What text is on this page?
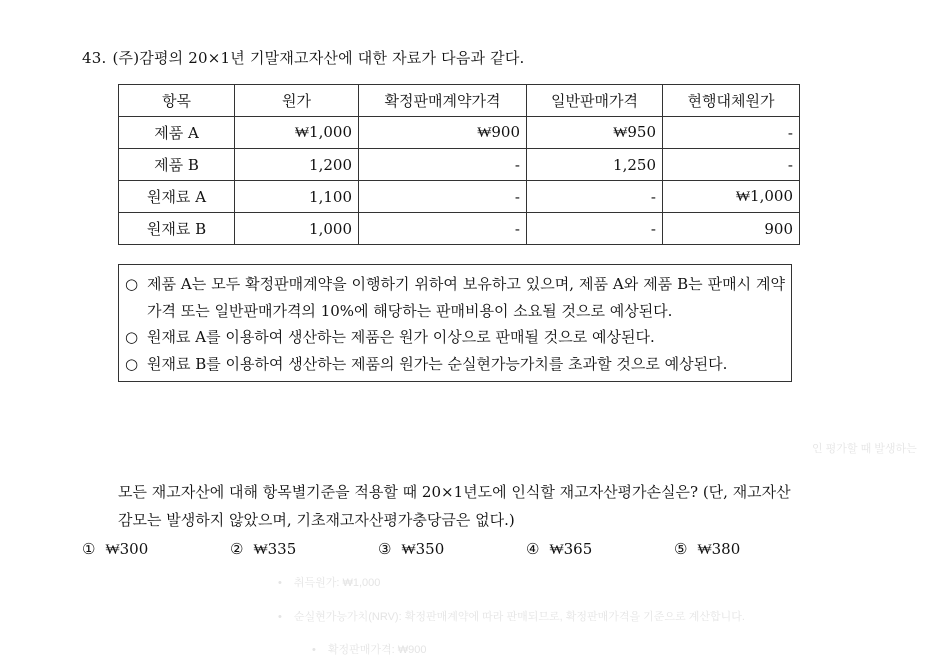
43. (주)감평의 20×1년 기말재고자산에 대한 자료가 다음과 같다.
항목	원가	확정판매계약가격	일반판매가격	현행대체원가
제품 A	₩1,000	₩900	₩950	-
제품 B	1,200	-	1,250	-
원재료 A	1,100	-	-	₩1,000
원재료 B	1,000	-	-	900
○ 제품 A는 모두 확정판매계약을 이행하기 위하여 보유하고 있으며, 제품 A와 제품 B는 판매시 계약가격 또는 일반판매가격의 10%에 해당하는 판매비용이 소요될 것으로 예상된다.
○ 원재료 A를 이용하여 생산하는 제품은 원가 이상으로 판매될 것으로 예상된다.
○ 원재료 B를 이용하여 생산하는 제품의 원가는 순실현가능가치를 초과할 것으로 예상된다.
모든 재고자산에 대해 항목별기준을 적용할 때 20×1년도에 인식할 재고자산평가손실은? (단, 재고자산 감모는 발생하지 않았으며, 기초재고자산평가충당금은 없다.)
① ₩300	② ₩335	③ ₩350	④ ₩365	⑤ ₩380
인 평가할 때 발생하는
• 취득원가: ₩1,000
• 순실현가능가치(NRV): 확정판매계약에 따라 판매되므로, 확정판매가격을 기준으로 계산합니다.
• 확정판매가격: ₩900
